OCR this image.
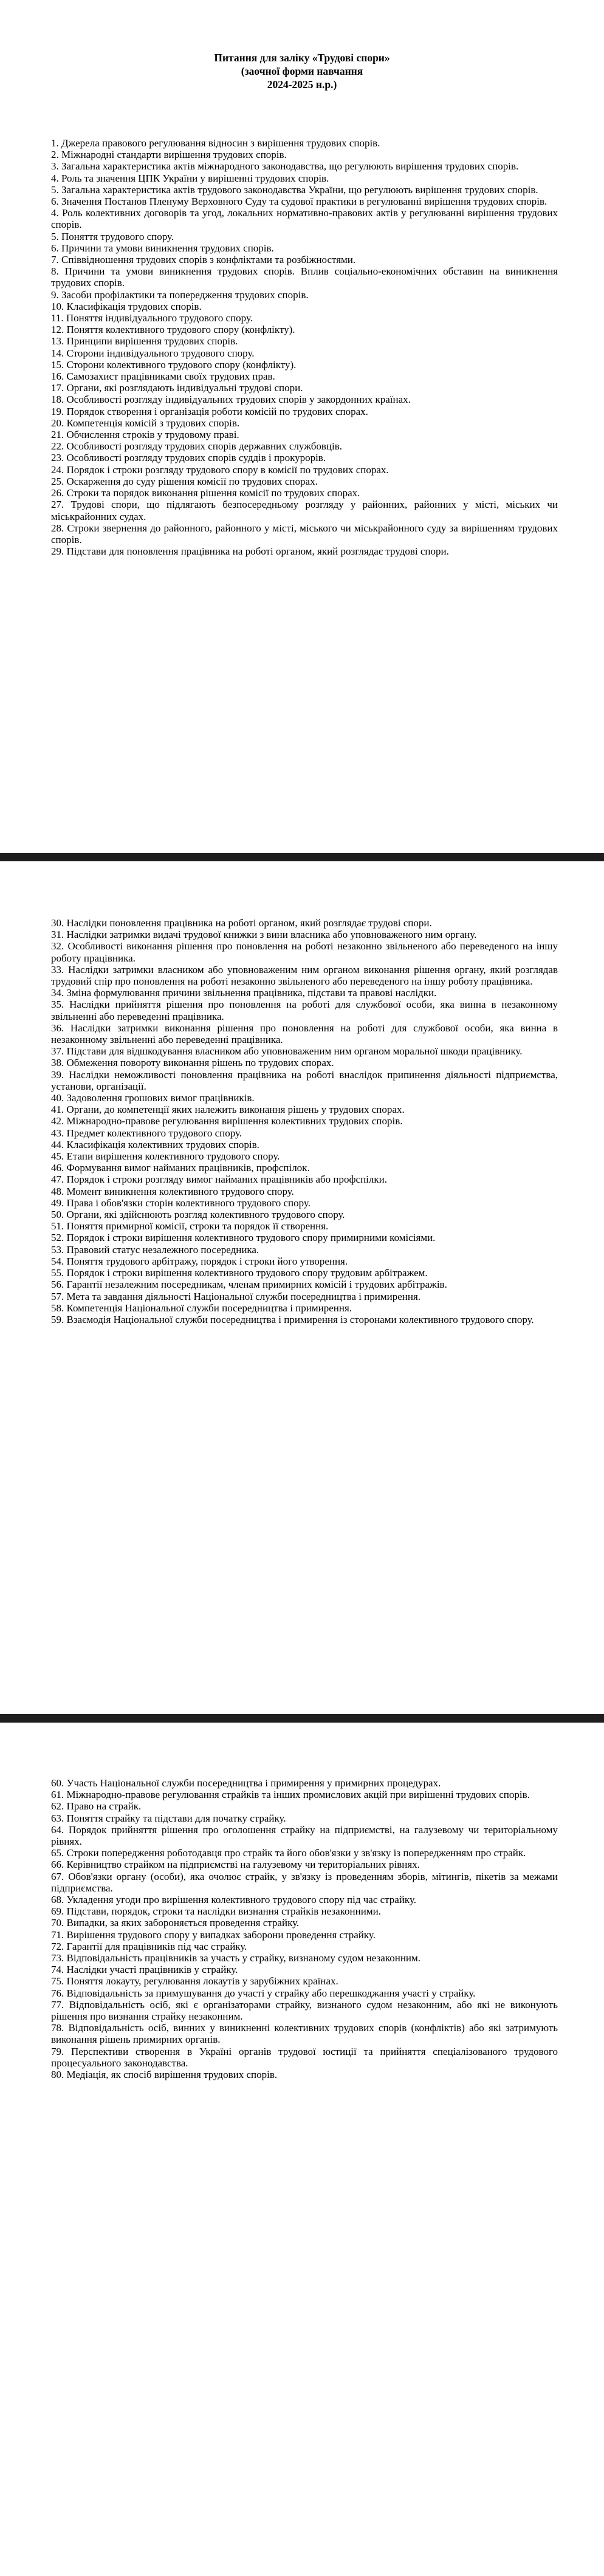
Питання для заліку «Трудові спори»
(заочної форми навчання
2024-2025 н.р.)
1. Джерела правового регулювання відносин з вирішення трудових спорів.
2. Міжнародні стандарти вирішення трудових спорів.
3. Загальна характеристика актів міжнародного законодавства, що регулюють вирішення трудових спорів.
4. Роль та значення ЦПК України у вирішенні трудових спорів.
5. Загальна характеристика актів трудового законодавства України, що регулюють вирішення трудових спорів.
6. Значення Постанов Пленуму Верховного Суду та судової практики в регулюванні вирішення трудових спорів.
4. Роль колективних договорів та угод, локальних нормативно-правових актів у регулюванні вирішення трудових спорів.
5. Поняття трудового спору.
6. Причини та умови виникнення трудових спорів.
7. Співвідношення трудових спорів з конфліктами та розбіжностями.
8. Причини та умови виникнення трудових спорів. Вплив соціально-економічних обставин на виникнення трудових спорів.
9. Засоби профілактики та попередження трудових спорів.
10. Класифікація трудових спорів.
11. Поняття індивідуального трудового спору.
12. Поняття колективного трудового спору (конфлікту).
13. Принципи вирішення трудових спорів.
14. Сторони індивідуального трудового спору.
15. Сторони колективного трудового спору (конфлікту).
16. Самозахист працівниками своїх трудових прав.
17. Органи, які розглядають індивідуальні трудові спори.
18. Особливості розгляду індивідуальних трудових спорів у закордонних країнах.
19. Порядок створення і організація роботи комісій по трудових спорах.
20. Компетенція комісій з трудових спорів.
21. Обчислення строків у трудовому праві.
22. Особливості розгляду трудових спорів державних службовців.
23. Особливості розгляду трудових спорів суддів і прокурорів.
24. Порядок і строки розгляду трудового спору в комісії по трудових спорах.
25. Оскарження до суду рішення комісії по трудових спорах.
26. Строки та порядок виконання рішення комісії по трудових спорах.
27. Трудові спори, що підлягають безпосередньому розгляду у районних, районних у місті, міських чи міськрайонних судах.
28. Строки звернення до районного, районного у місті, міського чи міськрайонного суду за вирішенням трудових спорів.
29. Підстави для поновлення працівника на роботі органом, який розглядає трудові спори.
30. Наслідки поновлення працівника на роботі органом, який розглядає трудові спори.
31. Наслідки затримки видачі трудової книжки з вини власника або уповноваженого ним органу.
32. Особливості виконання рішення про поновлення на роботі незаконно звільненого або переведеного на іншу роботу працівника.
33. Наслідки затримки власником або уповноваженим ним органом виконання рішення органу, який розглядав трудовий спір про поновлення на роботі незаконно звільненого або переведеного на іншу роботу працівника.
34. Зміна формулювання причини звільнення працівника, підстави та правові наслідки.
35. Наслідки прийняття рішення про поновлення на роботі для службової особи, яка винна в незаконному звільненні або переведенні працівника.
36. Наслідки затримки виконання рішення про поновлення на роботі для службової особи, яка винна в незаконному звільненні або переведенні працівника.
37. Підстави для відшкодування власником або уповноваженим ним органом моральної шкоди працівнику.
38. Обмеження повороту виконання рішень по трудових спорах.
39. Наслідки неможливості поновлення працівника на роботі внаслідок припинення діяльності підприємства, установи, організації.
40. Задоволення грошових вимог працівників.
41. Органи, до компетенції яких належить виконання рішень у трудових спорах.
42. Міжнародно-правове регулювання вирішення колективних трудових спорів.
43. Предмет колективного трудового спору.
44. Класифікація колективних трудових спорів.
45. Етапи вирішення колективного трудового спору.
46. Формування вимог найманих працівників, профспілок.
47. Порядок і строки розгляду вимог найманих працівників або профспілки.
48. Момент виникнення колективного трудового спору.
49. Права і обов'язки сторін колективного трудового спору.
50. Органи, які здійснюють розгляд колективного трудового спору.
51. Поняття примирної комісії, строки та порядок її створення.
52. Порядок і строки вирішення колективного трудового спору примирними комісіями.
53. Правовий статус незалежного посередника.
54. Поняття трудового арбітражу, порядок і строки його утворення.
55. Порядок і строки вирішення колективного трудового спору трудовим арбітражем.
56. Гарантії незалежним посередникам, членам примирних комісій і трудових арбітражів.
57. Мета та завдання діяльності Національної служби посередництва і примирення.
58. Компетенція Національної служби посередництва і примирення.
59. Взаємодія Національної служби посередництва і примирення із сторонами колективного трудового спору.
60. Участь Національної служби посередництва і примирення у примирних процедурах.
61. Міжнародно-правове регулювання страйків та інших промислових акцій при вирішенні трудових спорів.
62. Право на страйк.
63. Поняття страйку та підстави для початку страйку.
64. Порядок прийняття рішення про оголошення страйку на підприємстві, на галузевому чи територіальному рівнях.
65. Строки попередження роботодавця про страйк та його обов'язки у зв'язку із попередженням про страйк.
66. Керівництво страйком на підприємстві на галузевому чи територіальних рівнях.
67. Обов'язки органу (особи), яка очолює страйк, у зв'язку із проведенням зборів, мітингів, пікетів за межами підприємства.
68. Укладення угоди про вирішення колективного трудового спору під час страйку.
69. Підстави, порядок, строки та наслідки визнання страйків незаконними.
70. Випадки, за яких забороняється проведення страйку.
71. Вирішення трудового спору у випадках заборони проведення страйку.
72. Гарантії для працівників під час страйку.
73. Відповідальність працівників за участь у страйку, визнаному судом незаконним.
74. Наслідки участі працівників у страйку.
75. Поняття локауту, регулювання локаутів у зарубіжних країнах.
76. Відповідальність за примушування до участі у страйку або перешкоджання участі у страйку.
77. Відповідальність осіб, які є організаторами страйку, визнаного судом незаконним, або які не виконують рішення про визнання страйку незаконним.
78. Відповідальність осіб, винних у виникненні колективних трудових спорів (конфліктів) або які затримують виконання рішень примирних органів.
79. Перспективи створення в Україні органів трудової юстиції та прийняття спеціалізованого трудового процесуального законодавства.
80. Медіація, як спосіб вирішення трудових спорів.
